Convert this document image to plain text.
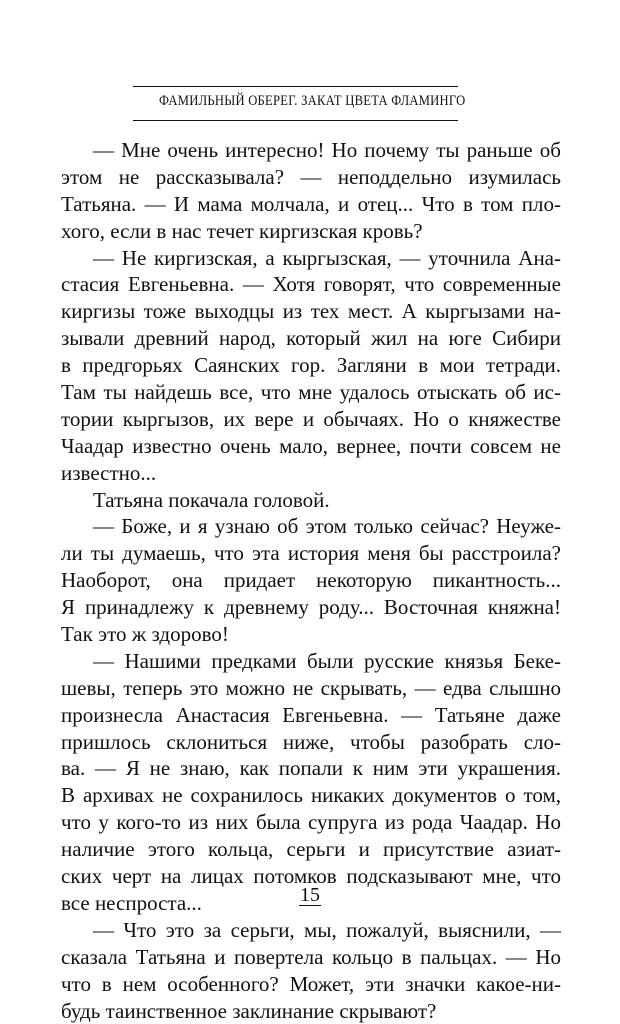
ФАМИЛЬНЫЙ ОБЕРЕГ. ЗАКАТ ЦВЕТА ФЛАМИНГО
— Мне очень интересно! Но почему ты раньше об
этом не рассказывала? — неподдельно изумилась
Татьяна. — И мама молчала, и отец... Что в том пло-
хого, если в нас течет киргизская кровь?
— Не киргизская, а кыргызская, — уточнила Ана-
стасия Евгеньевна. — Хотя говорят, что современные
киргизы тоже выходцы из тех мест. А кыргызами на-
зывали древний народ, который жил на юге Сибири
в предгорьях Саянских гор. Загляни в мои тетради.
Там ты найдешь все, что мне удалось отыскать об ис-
тории кыргызов, их вере и обычаях. Но о княжестве
Чаадар известно очень мало, вернее, почти совсем не
известно...
Татьяна покачала головой.
— Боже, и я узнаю об этом только сейчас? Неуже-
ли ты думаешь, что эта история меня бы расстроила?
Наоборот, она придает некоторую пикантность...
Я принадлежу к древнему роду... Восточная княжна!
Так это ж здорово!
— Нашими предками были русские князья Беке-
шевы, теперь это можно не скрывать, — едва слышно
произнесла Анастасия Евгеньевна. — Татьяне даже
пришлось склониться ниже, чтобы разобрать сло-
ва. — Я не знаю, как попали к ним эти украшения.
В архивах не сохранилось никаких документов о том,
что у кого-то из них была супруга из рода Чаадар. Но
наличие этого кольца, серьги и присутствие азиат-
ских черт на лицах потомков подсказывают мне, что
все неспроста...
— Что это за серьги, мы, пожалуй, выяснили, —
сказала Татьяна и повертела кольцо в пальцах. — Но
что в нем особенного? Может, эти значки какое-ни-
будь таинственное заклинание скрывают?
15
